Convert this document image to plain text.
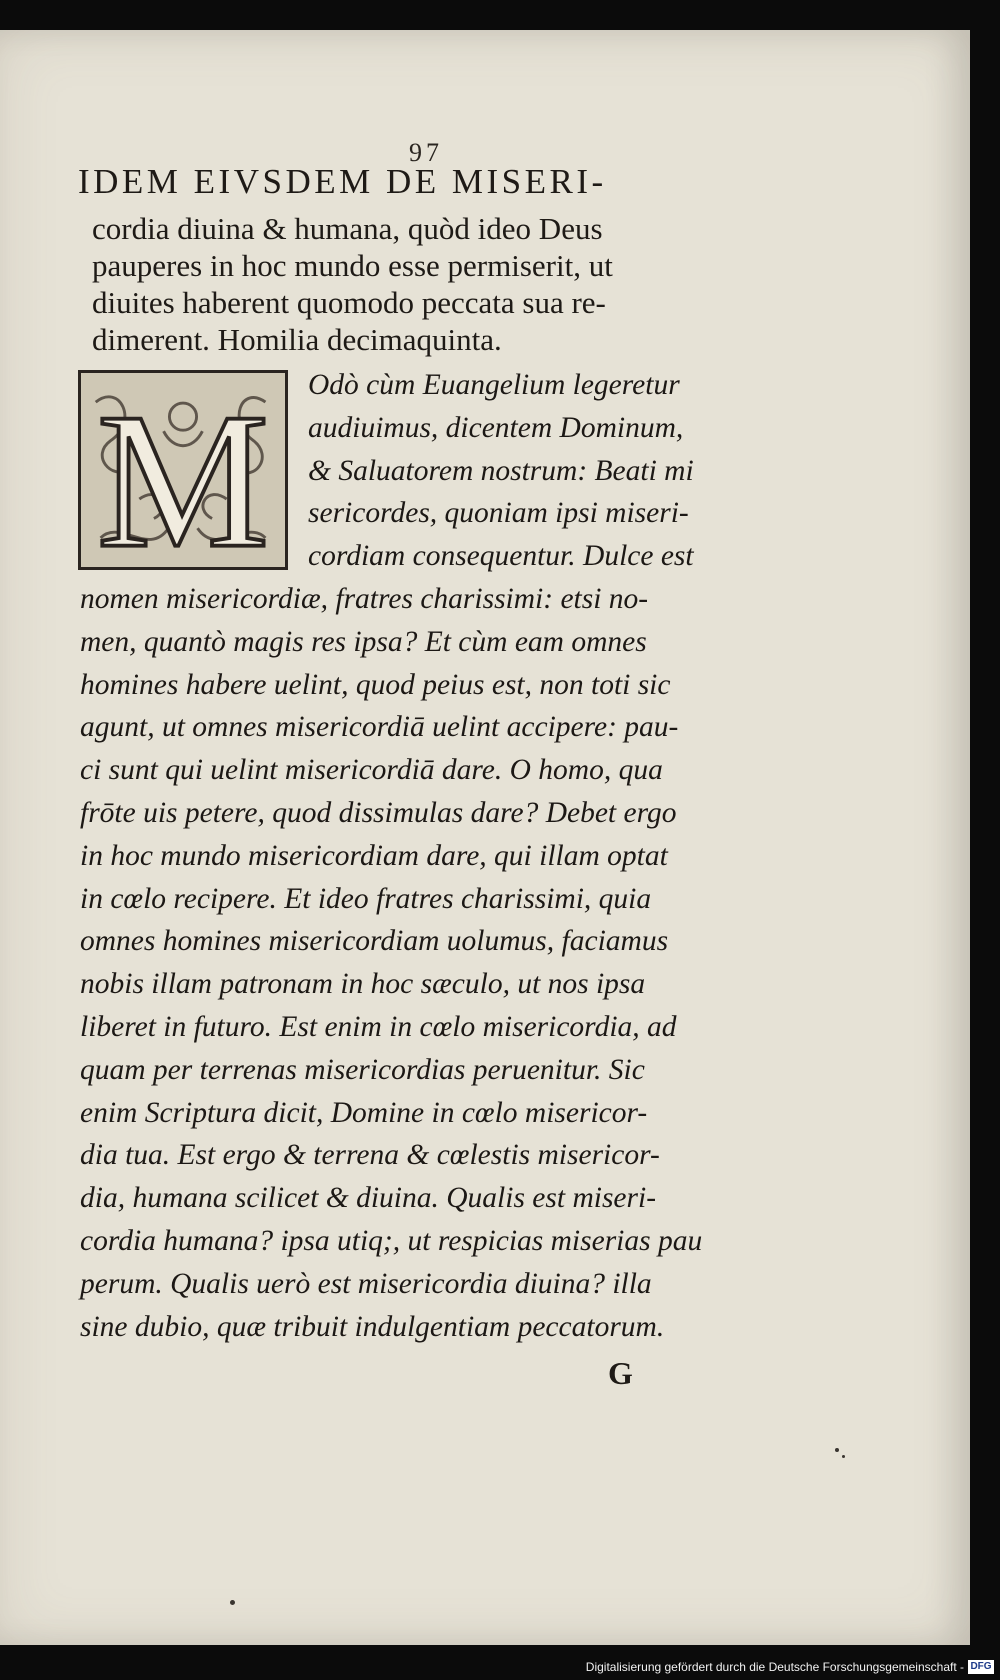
97
IDEM EIVSDEM DE MISERI-
cordia diuina & humana, quòd ideo Deus
pauperes in hoc mundo esse permiserit, ut
diuites haberent quomodo peccata sua re-
dimerent. Homilia decimaquinta.
M	Odò cùm Euangelium legeretur
audiuimus, dicentem Dominum,
& Saluatorem nostrum: Beati mi
sericordes, quoniam ipsi miseri-
cordiam consequentur. Dulce est
nomen misericordiæ, fratres charissimi: etsi no-
men, quantò magis res ipsa? Et cùm eam omnes
homines habere uelint, quod peius est, non toti sic
agunt, ut omnes misericordiā uelint accipere: pau-
ci sunt qui uelint misericordiā dare. O homo, qua
frōte uis petere, quod dissimulas dare? Debet ergo
in hoc mundo misericordiam dare, qui illam optat
in cœlo recipere. Et ideo fratres charissimi, quia
omnes homines misericordiam uolumus, faciamus
nobis illam patronam in hoc sæculo, ut nos ipsa
liberet in futuro. Est enim in cœlo misericordia, ad
quam per terrenas misericordias peruenitur. Sic
enim Scriptura dicit, Domine in cœlo misericor-
dia tua. Est ergo & terrena & cœlestis misericor-
dia, humana scilicet & diuina. Qualis est miseri-
cordia humana? ipsa utiq;, ut respicias miserias pau
perum. Qualis uerò est misericordia diuina? illa
sine dubio, quæ tribuit indulgentiam peccatorum.
G
Digitalisierung gefördert durch die Deutsche Forschungsgemeinschaft - DFG
